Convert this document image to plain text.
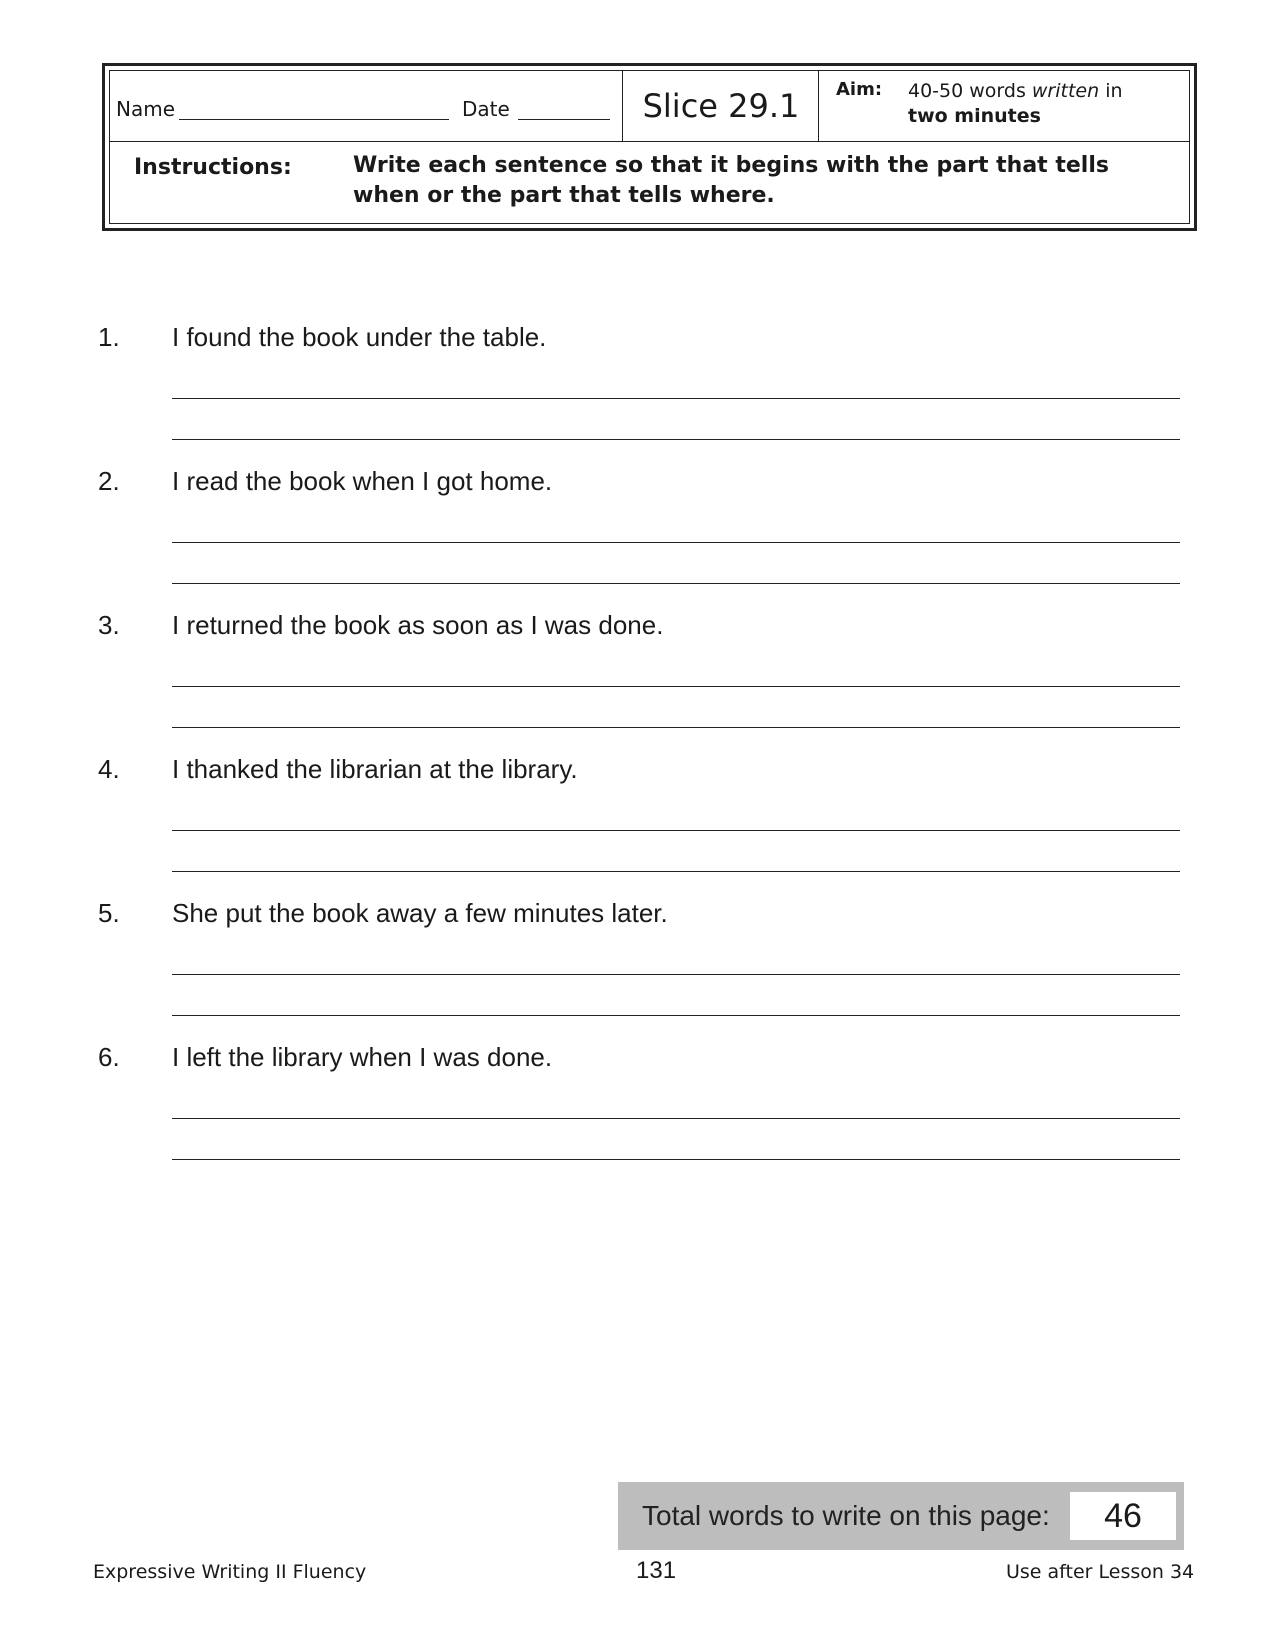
Name	Date	Slice 29.1	Aim: 40-50 words written in
two minutes
Instructions:	Write each sentence so that it begins with the part that tells when or the part that tells where.
1. I found the book under the table.
2. I read the book when I got home.
3. I returned the book as soon as I was done.
4. I thanked the librarian at the library.
5. She put the book away a few minutes later.
6. I left the library when I was done.
Total words to write on this page:	46
Expressive Writing II Fluency	131	Use after Lesson 34
